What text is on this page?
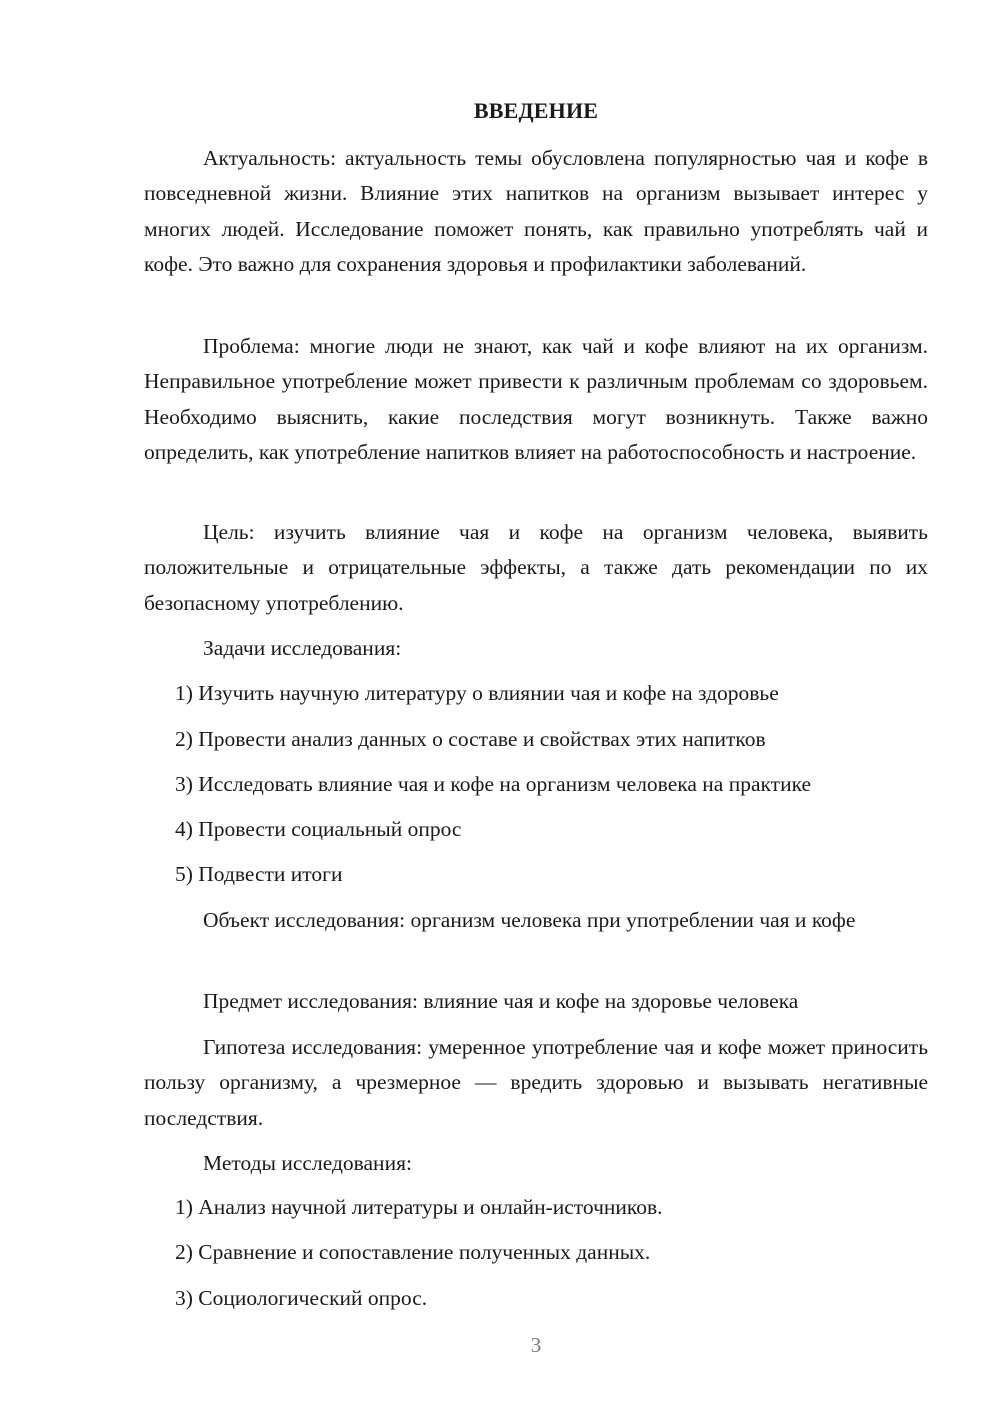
ВВЕДЕНИЕ

Актуальность: актуальность темы обусловлена популярностью чая и кофе в повседневной жизни. Влияние этих напитков на организм вызывает интерес у многих людей. Исследование поможет понять, как правильно употреблять чай и кофе. Это важно для сохранения здоровья и профилактики заболеваний.

Проблема: многие люди не знают, как чай и кофе влияют на их организм. Неправильное употребление может привести к различным проблемам со здоровьем. Необходимо выяснить, какие последствия могут возникнуть. Также важно определить, как употребление напитков влияет на работоспособность и настроение.

Цель: изучить влияние чая и кофе на организм человека, выявить положительные и отрицательные эффекты, а также дать рекомендации по их безопасному употреблению.

Задачи исследования:

1) Изучить научную литературу о влиянии чая и кофе на здоровье

2) Провести анализ данных о составе и свойствах этих напитков

3) Исследовать влияние чая и кофе на организм человека на практике

4) Провести социальный опрос

5) Подвести итоги

Объект исследования: организм человека при употреблении чая и кофе

Предмет исследования: влияние чая и кофе на здоровье человека

Гипотеза исследования: умеренное употребление чая и кофе может приносить пользу организму, а чрезмерное — вредить здоровью и вызывать негативные последствия.

Методы исследования:

1) Анализ научной литературы и онлайн-источников.

2) Сравнение и сопоставление полученных данных.

3) Социологический опрос.

3
